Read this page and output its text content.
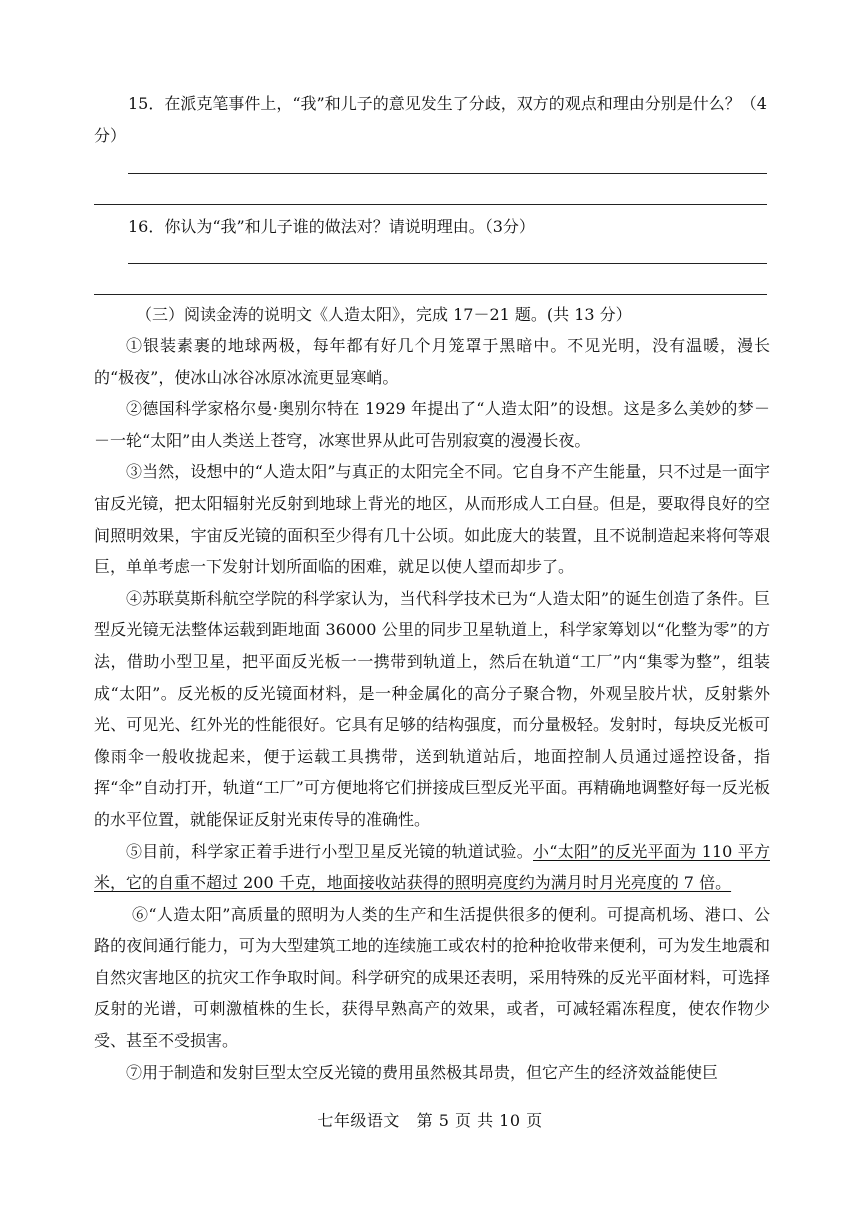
15．在派克笔事件上，“我”和儿子的意见发生了分歧，双方的观点和理由分别是什么？（4分）

16．你认为“我”和儿子谁的做法对？请说明理由。（3分）

（三）阅读金涛的说明文《人造太阳》，完成 17－21 题。(共 13 分）

①银装素裹的地球两极，每年都有好几个月笼罩于黑暗中。不见光明，没有温暖，漫长的“极夜”，使冰山冰谷冰原冰流更显寒峭。

②德国科学家格尔曼·奥别尔特在 1929 年提出了“人造太阳”的设想。这是多么美妙的梦－－一轮“太阳”由人类送上苍穹，冰寒世界从此可告别寂寞的漫漫长夜。

③当然，设想中的“人造太阳”与真正的太阳完全不同。它自身不产生能量，只不过是一面宇宙反光镜，把太阳辐射光反射到地球上背光的地区，从而形成人工白昼。但是，要取得良好的空间照明效果，宇宙反光镜的面积至少得有几十公顷。如此庞大的装置，且不说制造起来将何等艰巨，单单考虑一下发射计划所面临的困难，就足以使人望而却步了。

④苏联莫斯科航空学院的科学家认为，当代科学技术已为“人造太阳”的诞生创造了条件。巨型反光镜无法整体运载到距地面 36000 公里的同步卫星轨道上，科学家筹划以“化整为零”的方法，借助小型卫星，把平面反光板一一携带到轨道上，然后在轨道“工厂”内“集零为整”，组装成“太阳”。反光板的反光镜面材料，是一种金属化的高分子聚合物，外观呈胶片状，反射紫外光、可见光、红外光的性能很好。它具有足够的结构强度，而分量极轻。发射时，每块反光板可像雨伞一般收拢起来，便于运载工具携带，送到轨道站后，地面控制人员通过遥控设备，指挥“伞”自动打开，轨道“工厂”可方便地将它们拼接成巨型反光平面。再精确地调整好每一反光板的水平位置，就能保证反射光束传导的准确性。

⑤目前，科学家正着手进行小型卫星反光镜的轨道试验。小“太阳”的反光平面为 110 平方米，它的自重不超过 200 千克，地面接收站获得的照明亮度约为满月时月光亮度的 7 倍。

⑥“人造太阳”高质量的照明为人类的生产和生活提供很多的便利。可提高机场、港口、公路的夜间通行能力，可为大型建筑工地的连续施工或农村的抢种抢收带来便利，可为发生地震和自然灾害地区的抗灾工作争取时间。科学研究的成果还表明，采用特殊的反光平面材料，可选择反射的光谱，可刺激植株的生长，获得早熟高产的效果，或者，可减轻霜冻程度，使农作物少受、甚至不受损害。

⑦用于制造和发射巨型太空反光镜的费用虽然极其昂贵，但它产生的经济效益能使巨

七年级语文 第 5 页 共 10 页
